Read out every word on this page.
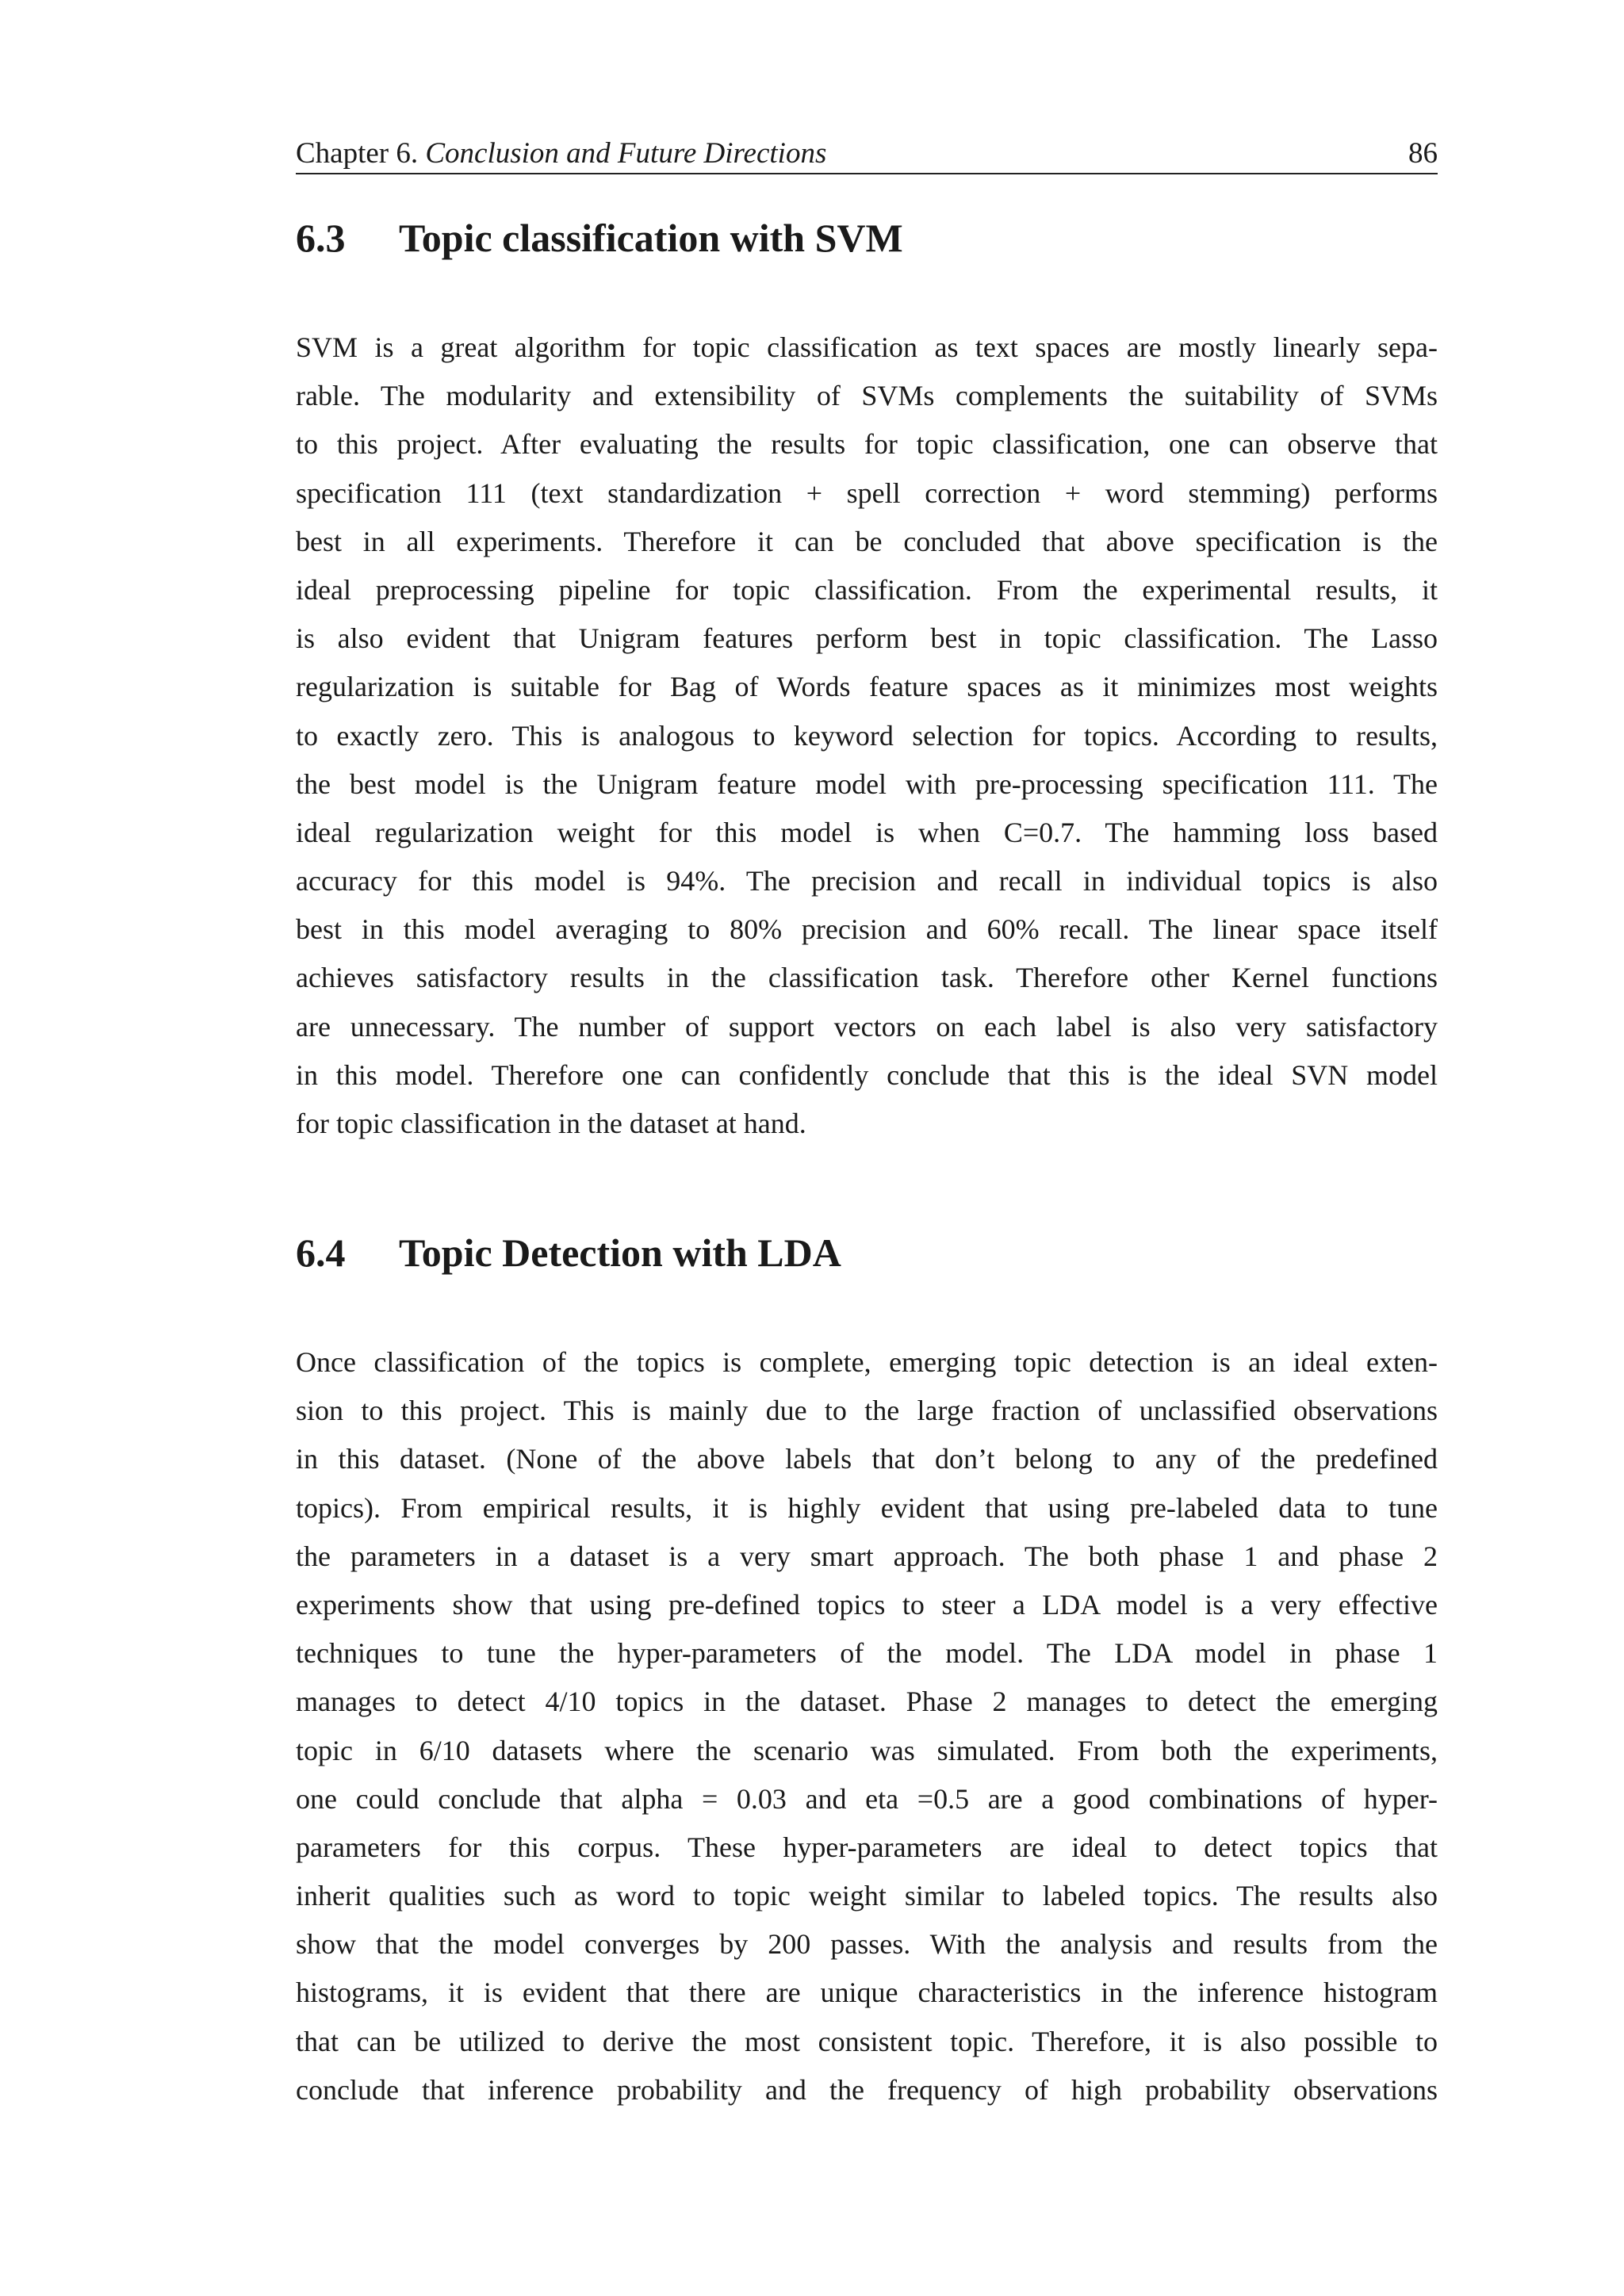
Chapter 6. Conclusion and Future Directions	86
6.3 Topic classification with SVM
SVM is a great algorithm for topic classification as text spaces are mostly linearly sepa-
rable. The modularity and extensibility of SVMs complements the suitability of SVMs
to this project. After evaluating the results for topic classification, one can observe that
specification 111 (text standardization + spell correction + word stemming) performs
best in all experiments. Therefore it can be concluded that above specification is the
ideal preprocessing pipeline for topic classification. From the experimental results, it
is also evident that Unigram features perform best in topic classification. The Lasso
regularization is suitable for Bag of Words feature spaces as it minimizes most weights
to exactly zero. This is analogous to keyword selection for topics. According to results,
the best model is the Unigram feature model with pre-processing specification 111. The
ideal regularization weight for this model is when C=0.7. The hamming loss based
accuracy for this model is 94%. The precision and recall in individual topics is also
best in this model averaging to 80% precision and 60% recall. The linear space itself
achieves satisfactory results in the classification task. Therefore other Kernel functions
are unnecessary. The number of support vectors on each label is also very satisfactory
in this model. Therefore one can confidently conclude that this is the ideal SVN model
for topic classification in the dataset at hand.
6.4 Topic Detection with LDA
Once classification of the topics is complete, emerging topic detection is an ideal exten-
sion to this project. This is mainly due to the large fraction of unclassified observations
in this dataset. (None of the above labels that don’t belong to any of the predefined
topics). From empirical results, it is highly evident that using pre-labeled data to tune
the parameters in a dataset is a very smart approach. The both phase 1 and phase 2
experiments show that using pre-defined topics to steer a LDA model is a very effective
techniques to tune the hyper-parameters of the model. The LDA model in phase 1
manages to detect 4/10 topics in the dataset. Phase 2 manages to detect the emerging
topic in 6/10 datasets where the scenario was simulated. From both the experiments,
one could conclude that alpha = 0.03 and eta =0.5 are a good combinations of hyper-
parameters for this corpus. These hyper-parameters are ideal to detect topics that
inherit qualities such as word to topic weight similar to labeled topics. The results also
show that the model converges by 200 passes. With the analysis and results from the
histograms, it is evident that there are unique characteristics in the inference histogram
that can be utilized to derive the most consistent topic. Therefore, it is also possible to
conclude that inference probability and the frequency of high probability observations
